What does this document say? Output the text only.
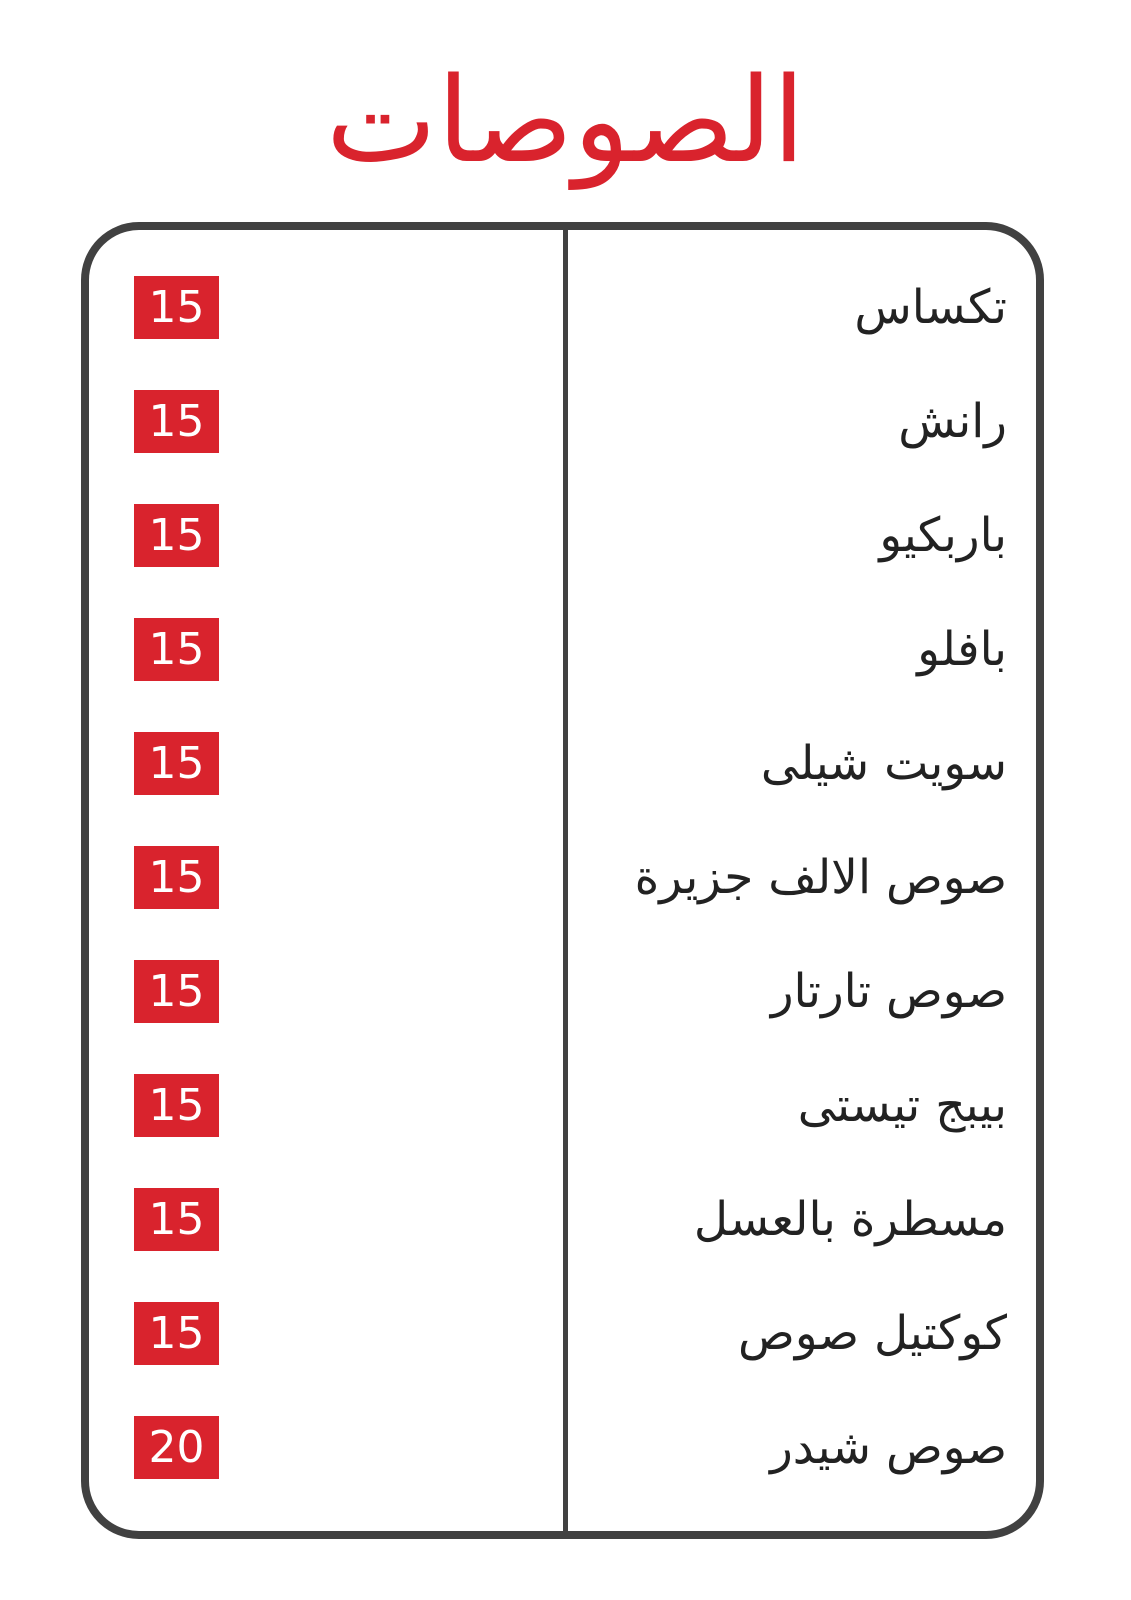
الصوصات
تكساس
15
رانش
15
باربكيو
15
بافلو
15
سويت شيلى
15
صوص الالف جزيرة
15
صوص تارتار
15
بيبج تيستى
15
مسطرة بالعسل
15
كوكتيل صوص
15
صوص شيدر
20
